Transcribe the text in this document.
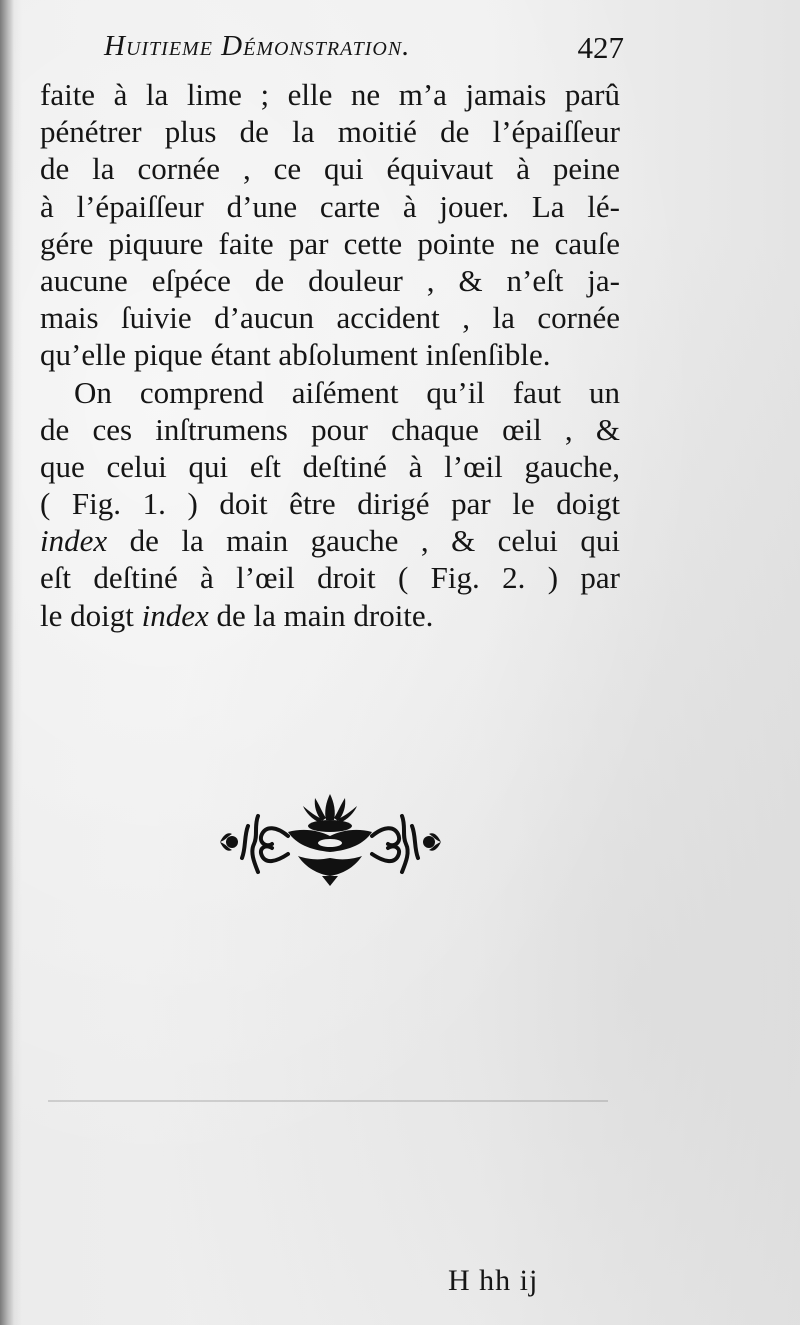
Huitieme Démonstration.	427
faite à la lime ; elle ne m’a jamais parû
pénétrer plus de la moitié de l’épaiſſeur
de la cornée , ce qui équivaut à peine
à l’épaiſſeur d’une carte à jouer. La lé-
gére piquure faite par cette pointe ne cauſe
aucune eſpéce de douleur , & n’eſt ja-
mais ſuivie d’aucun accident , la cornée
qu’elle pique étant abſolument inſenſible.
On comprend aiſément qu’il faut un
de ces inſtrumens pour chaque œil , &
que celui qui eſt deſtiné à l’œil gauche,
( Fig. 1. ) doit être dirigé par le doigt
index de la main gauche , & celui qui
eſt deſtiné à l’œil droit ( Fig. 2. ) par
le doigt index de la main droite.
H hh ij
